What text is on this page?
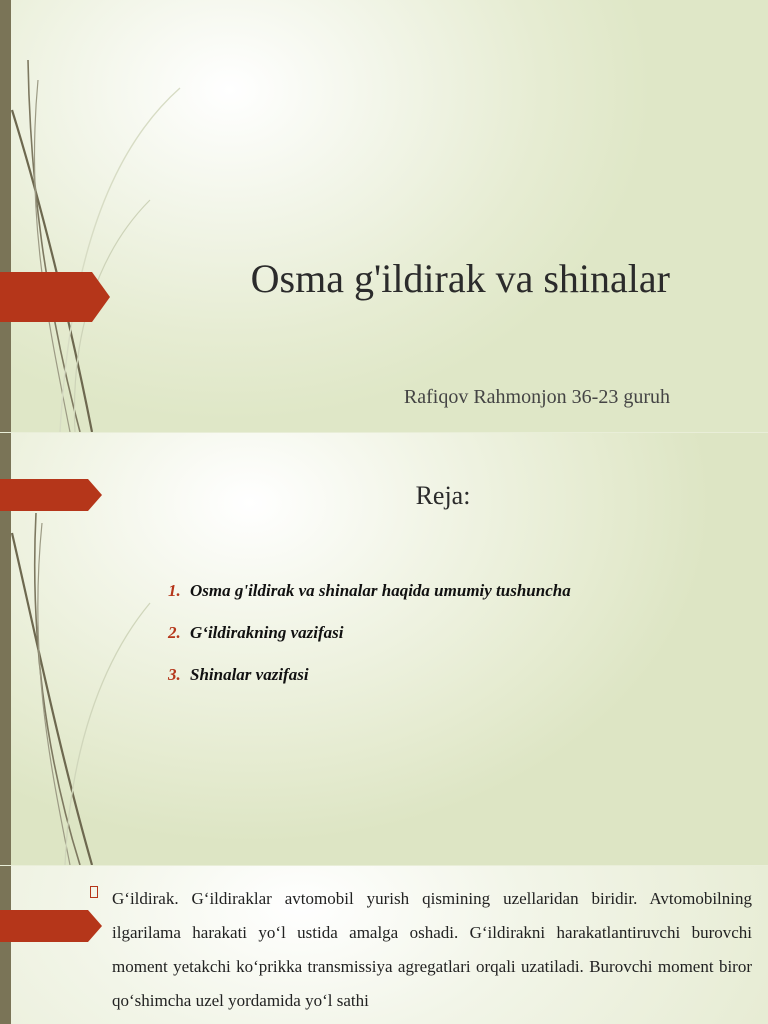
Osma g'ildirak va shinalar
Rafiqov Rahmonjon 36-23 guruh
Reja:
1. Osma g'ildirak va shinalar haqida umumiy tushuncha
2. G‘ildirakning vazifasi
3. Shinalar vazifasi
G‘ildirak. G‘ildiraklar avtomobil yurish qismining uzellaridan biridir. Avtomobilning ilgarilama harakati yo‘l ustida amalga oshadi. G‘ildirakni harakatlantiruvchi burovchi moment yetakchi ko‘prikka transmissiya agregatlari orqali uzatiladi. Burovchi moment biror qo‘shimcha uzel yordamida yo‘l sathi
